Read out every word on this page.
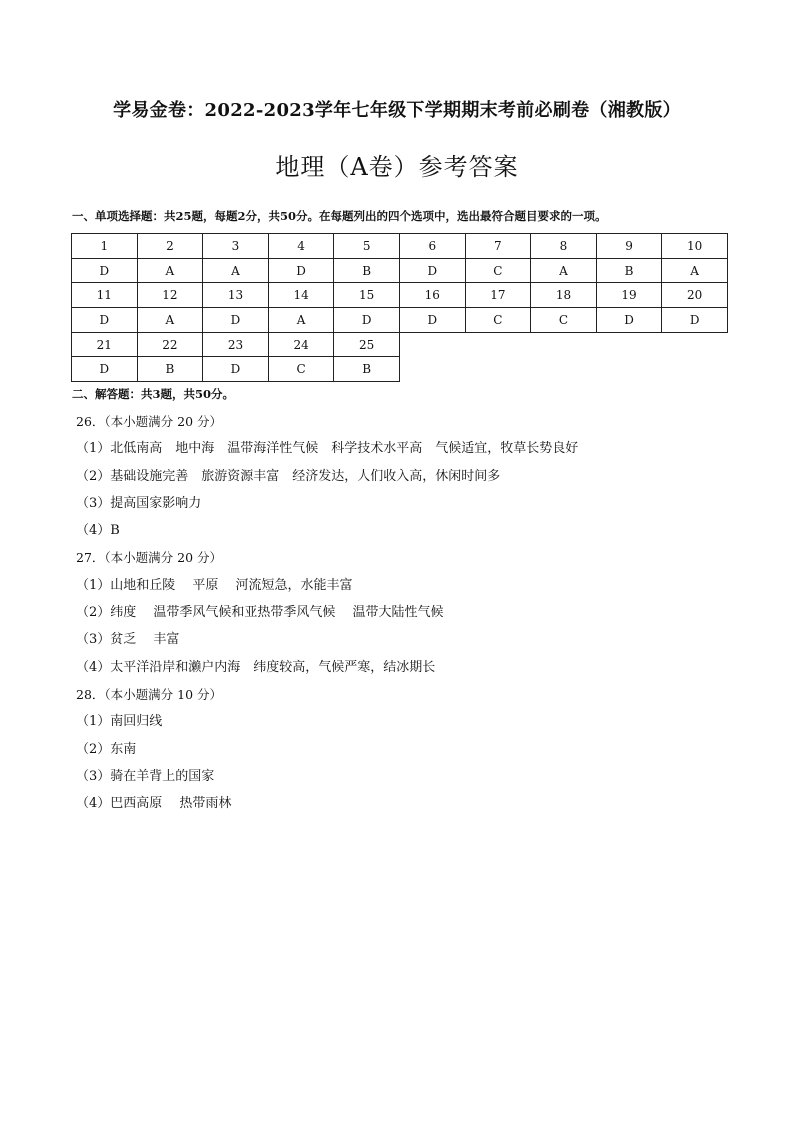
学易金卷：2022-2023学年七年级下学期期末考前必刷卷（湘教版）
地理（A卷）参考答案
一、单项选择题：共25题，每题2分，共50分。在每题列出的四个选项中，选出最符合题目要求的一项。
1	2	3	4	5	6	7	8	9	10
D	A	A	D	B	D	C	A	B	A
11	12	13	14	15	16	17	18	19	20
D	A	D	A	D	D	C	C	D	D
21	22	23	24	25					
D	B	D	C	B					
二、解答题：共3题，共50分。
26．（本小题满分 20 分）
（1）北低南高　地中海　温带海洋性气候　科学技术水平高　气候适宜，牧草长势良好
（2）基础设施完善　旅游资源丰富　经济发达，人们收入高，休闲时间多
（3）提高国家影响力
（4）B
27．（本小题满分 20 分）
（1）山地和丘陵　 平原　 河流短急，水能丰富
（2）纬度　 温带季风气候和亚热带季风气候　 温带大陆性气候
（3）贫乏　 丰富
（4）太平洋沿岸和濑户内海　纬度较高，气候严寒，结冰期长
28．（本小题满分 10 分）
（1）南回归线
（2）东南
（3）骑在羊背上的国家
（4）巴西高原　 热带雨林
